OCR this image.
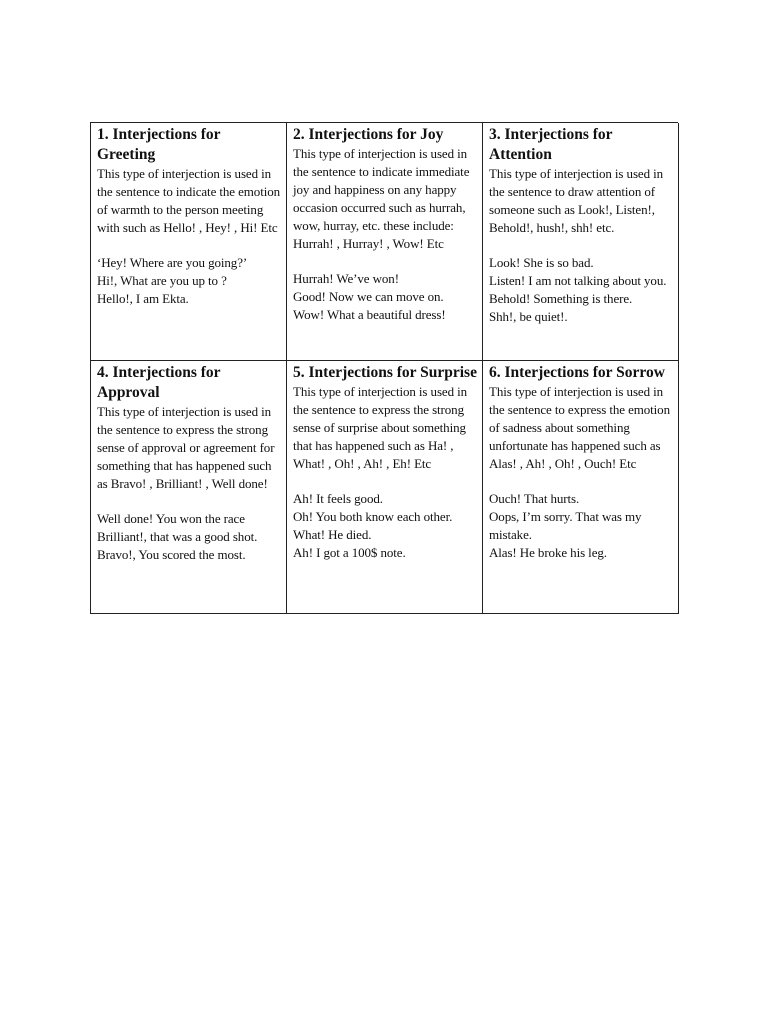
1. Interjections for Greeting

This type of interjection is used in the sentence to indicate the emotion of warmth to the person meeting with such as Hello! , Hey! , Hi! Etc

‘Hey! Where are you going?’
Hi!, What are you up to ?
Hello!, I am Ekta.

2. Interjections for Joy

This type of interjection is used in the sentence to indicate immediate joy and happiness on any happy occasion occurred such as hurrah, wow, hurray, etc. these include: Hurrah! , Hurray! , Wow! Etc

Hurrah! We’ve won!
Good! Now we can move on.
Wow! What a beautiful dress!

3. Interjections for Attention

This type of interjection is used in the sentence to draw attention of someone such as Look!, Listen!, Behold!, hush!, shh! etc.

Look! She is so bad.
Listen! I am not talking about you.
Behold! Something is there.
Shh!, be quiet!.

4. Interjections for Approval

This type of interjection is used in the sentence to express the strong sense of approval or agreement for something that has happened such as Bravo! , Brilliant! , Well done!

Well done! You won the race
Brilliant!, that was a good shot.
Bravo!, You scored the most.

5. Interjections for Surprise

This type of interjection is used in the sentence to express the strong sense of surprise about something that has happened such as Ha! , What! , Oh! , Ah! , Eh! Etc

Ah! It feels good.
Oh! You both know each other.
What! He died.
Ah! I got a 100$ note.

6. Interjections for Sorrow

This type of interjection is used in the sentence to express the emotion of sadness about something unfortunate has happened such as Alas! , Ah! , Oh! , Ouch! Etc

Ouch! That hurts.
Oops, I’m sorry. That was my mistake.
Alas! He broke his leg.
